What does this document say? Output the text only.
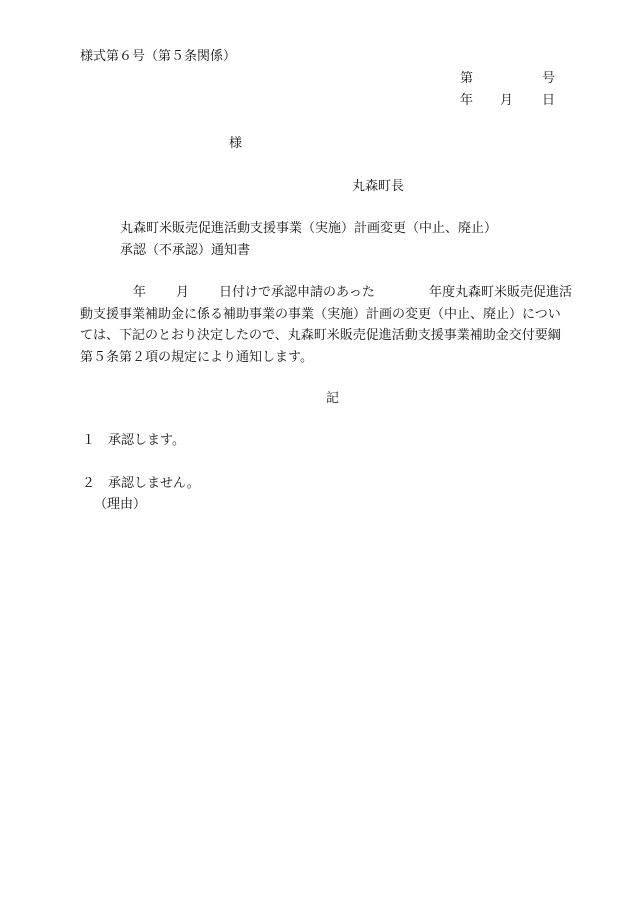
様式第６号（第５条関係）
第	号
年 月 日
様
丸森町長
丸森町米販売促進活動支援事業（実施）計画変更（中止、廃止）
承認（不承認）通知書
年 月 日付けで承認申請のあった	年度丸森町米販売促進活
動支援事業補助金に係る補助事業の事業（実施）計画の変更（中止、廃止）につい
ては、下記のとおり決定したので、丸森町米販売促進活動支援事業補助金交付要綱
第５条第２項の規定により通知します。
記
１ 承認します。
２ 承認しません。
（理由）
